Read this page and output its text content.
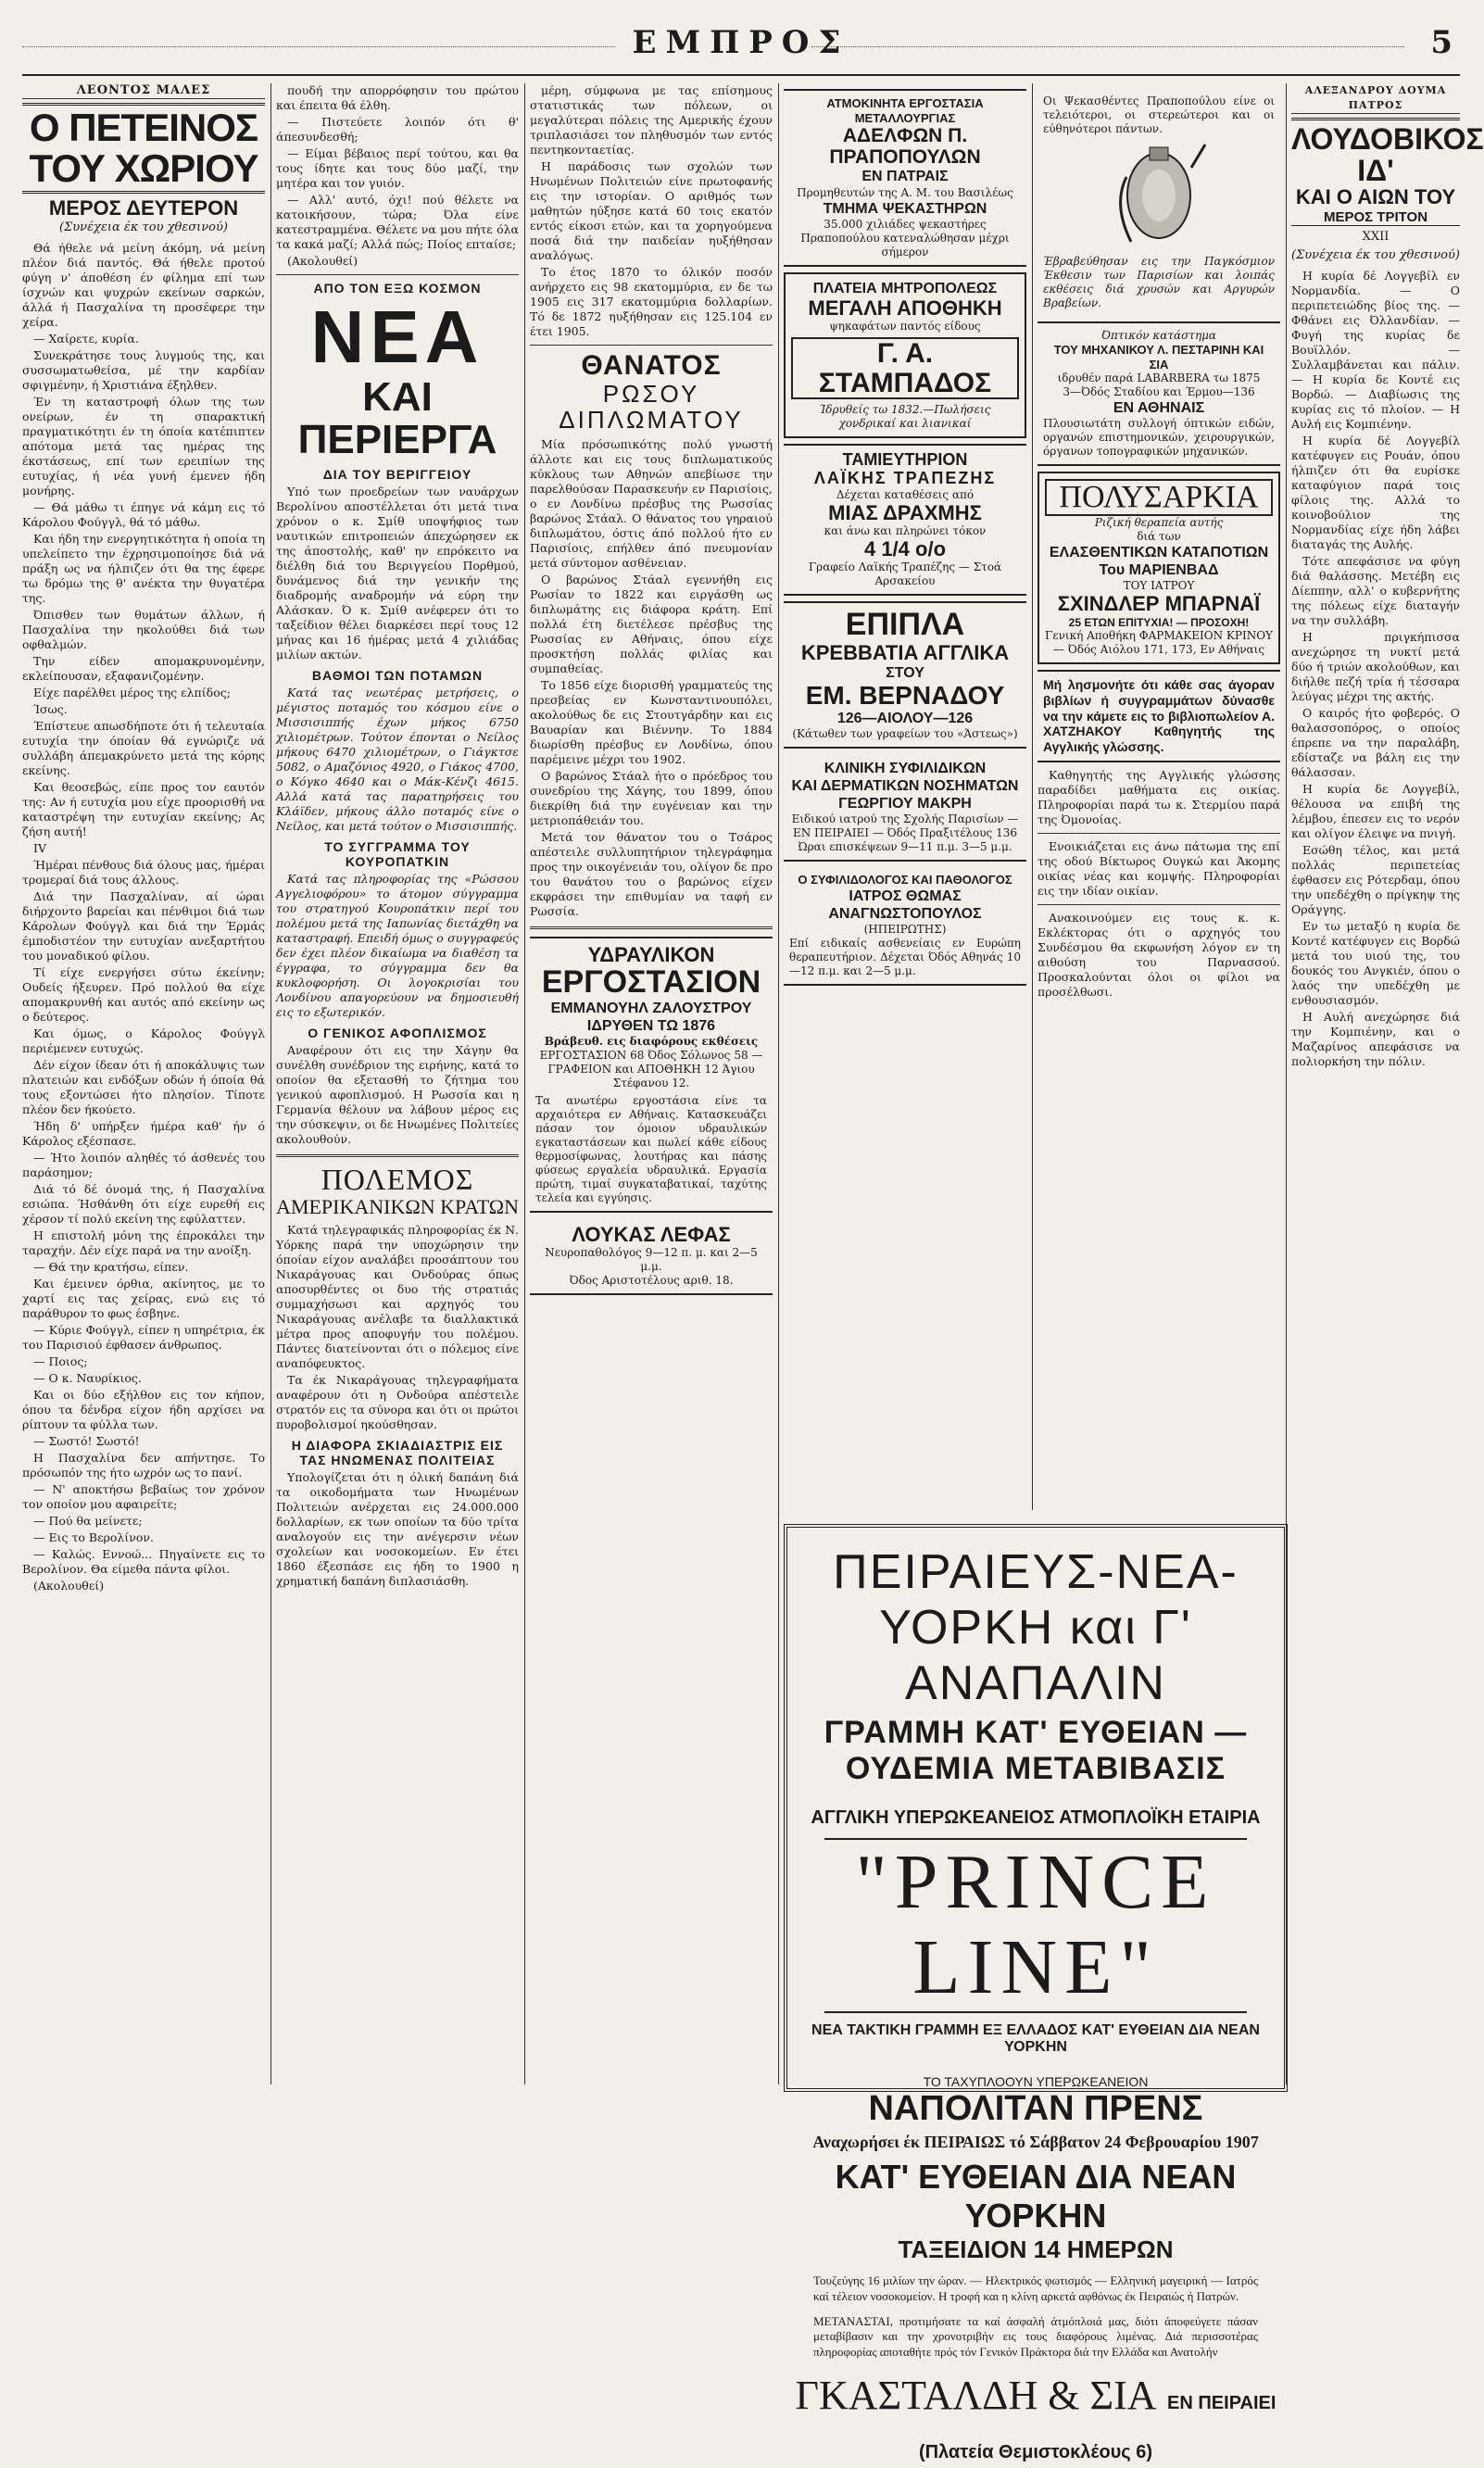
ΕΜΠΡΟΣ	5
ΛΕΟΝΤΟΣ ΜΑΛΕΣ
Ο ΠΕΤΕΙΝΟΣ ΤΟΥ ΧΩΡΙΟΥ
ΜΕΡΟΣ ΔΕΥΤΕΡΟΝ
(Συνέχεια έκ του χθεσινού)

Θά ήθελε νά μείνη άκόμη, νά μείνη πλέον διά παντός. Θά ήθελε προτού φύγη ν' άποθέση έν φίλημα επί των ίσχνών και ψυχρών εκείνων σαρκών, άλλά ή Πασχαλίνα τη προσέφερε την χείρα.

— Χαίρετε, κυρία.

Συνεκράτησε τους λυγμούς της, και συσσωματωθείσα, μέ την καρδίαν σφιγμένην, ή Χριστιάνα έξηλθεν.

Έν τη καταστροφή όλων της των ονείρων, έν τη σπαρακτική πραγματικότητι έν τη όποία κατέπιπτεν απότομα μετά τας ημέρας της έκστάσεως, επί των ερειπίων της ευτυχίας, ή νέα γυνή έμενεν ήδη μονήρης.

— Θά μάθω τι έπηγε νά κάμη εις τό Κάρολου Φούγγλ, θά τό μάθω.

Και ήδη την ενεργητικότητα ή οποία τη υπελείπετο την έχρησιμοποίησε διά νά πράξη ως να ήλπιζεν ότι θα της έφερε τω δρόμω της θ' ανέκτα την θυγατέρα της.

Όπισθεν των θυμάτων άλλων, ή Πασχαλίνα την ηκολούθει διά των οφθαλμών.

Την είδεν απομακρυνομένην, εκλείπουσαν, εξαφανιζομένην.

Είχε παρέλθει μέρος της ελπίδος;

Ίσως.

Έπίστευε απωσδήποτε ότι ή τελευταία ευτυχία την όποίαν θά εγνώριζε νά συλλάβη άπεμακρύνετο μετά της κόρης εκείνης.

Και θεοσεβώς, είπε προς τον εαυτόν της: Αν ή ευτυχία μου είχε προορισθή να καταστρέψη την ευτυχίαν εκείνης; Ας ζήση αυτή!

IV

Ήμέραι πένθους διά όλους μας, ήμέραι τρομεραί διά τους άλλους.

Διά την Πασχαλίναν, αί ώραι διήρχοντο βαρείαι και πένθιμοι διά των Κάρολων Φούγγλ και διά την Έρμάς έμποδιστέον την ευτυχίαν ανεξαρτήτου του μοναδικού φίλου.

Τί είχε ενεργήσει σύτω έκείνην; Ουδείς ήξευρεν. Πρό πολλού θα είχε απομακρυνθή και αυτός από εκείνην ως ο δεύτερος.

Και όμως, ο Κάρολος Φούγγλ περιέμενεν ευτυχώς.

Δέν είχον ίδεαν ότι ή αποκάλυψις των πλατειών και ενδόξων οδών ή όποία θά τους εξοντώσει ήτο πλησίον. Τίποτε πλέον δεν ήκούετο.

Ήδη δ' υπήρξεν ήμέρα καθ' ήν ό Κάρολος εξέσπασε.

— Ήτο λοιπόν αληθές τό άσθενές του παράσημον;

Διά τό δέ όνομά της, ή Πασχαλίνα εσιώπα. Ήσθάνθη ότι είχε ευρεθή εις χέρσον τί πολύ εκείνη της εφύλαττεν.

Η επιστολή μόνη της έπροκάλει την ταραχήν. Δέν είχε παρά να την ανοίξη.

— Θά την κρατήσω, είπεν.

Και έμεινεν όρθια, ακίνητος, με το χαρτί εις τας χείρας, ενώ εις τό παράθυρον το φως έσβηνε.

— Κύριε Φούγγλ, είπεν η υπηρέτρια, έκ του Παρισιού έφθασεν άνθρωπος.

— Ποιος;

— Ο κ. Ναυρίκιος.

Και οι δύο εξήλθον εις τον κήπον, όπου τα δένδρα είχον ήδη αρχίσει να ρίπτουν τα φύλλα των.

— Σωστό! Σωστό!

Η Πασχαλίνα δεν απήντησε. Το πρόσωπόν της ήτο ωχρόν ως το πανί.

— Ν' αποκτήσω βεβαίως τον χρόνον τον οποίον μου αφαιρείτε;

— Πού θα μείνετε;

— Εις το Βερολίνον.

— Καλώς. Εννοώ... Πηγαίνετε εις το Βερολίνον. Θα είμεθα πάντα φίλοι.

(Ακολουθεί)

πουδή την απορρόφησιν του πρώτου και έπειτα θά έλθη.

— Πιστεύετε λοιπόν ότι θ' άπεσυνδεσθή;

— Είμαι βέβαιος περί τούτου, και θα τους ίδητε και τους δύο μαζί, την μητέρα και τον γυιόν.

— Αλλ' αυτό, όχι! πού θέλετε να κατοικήσουν, τώρα; Όλα είνε κατεστραμμένα. Θέλετε να μου πήτε όλα τα κακά μαζί; Αλλά πώς; Ποίος επταίσε;

(Ακολουθεί)

ΑΠΟ ΤΟΝ ΕΞΩ ΚΟΣΜΟΝ
ΝΕΑ
ΚΑΙ ΠΕΡΙΕΡΓΑ
ΔΙΑ ΤΟΥ ΒΕΡΙΓΓΕΙΟΥ

Υπό των προεδρείων των ναυάρχων Βερολίνου αποστέλλεται ότι μετά τινα χρόνον ο κ. Σμίθ υποψήφιος των ναυτικών επιτροπειών άπεχώρησεν εκ της άποστολής, καθ' ην επρόκειτο να διέλθη διά του Βεριγγείου Πορθμού, δυνάμενος διά την γενικήν της διαδρομής αναδρομήν νά εύρη την Αλάσκαν. Ό κ. Σμίθ ανέφερεν ότι το ταξείδιον θέλει διαρκέσει περί τους 12 μήνας και 16 ήμέρας μετά 4 χιλιάδας μιλίων ακτών.

ΒΑΘΜΟΙ ΤΩΝ ΠΟΤΑΜΩΝ

Κατά τας νεωτέρας μετρήσεις, ο μέγιστος ποταμός του κόσμου είνε ο Μισσισιππής έχων μήκος 6750 χιλιομέτρων. Τούτον έπονται ο Νείλος μήκους 6470 χιλιομέτρων, ο Γιάγκτσε 5082, ο Αμαζόνιος 4920, ο Γιάκος 4700, ο Κόγκο 4640 και ο Μάκ-Κένζι 4615. Αλλά κατά τας παρατηρήσεις του Κλάϊδεν, μήκους άλλο ποταμός είνε ο Νείλος, και μετά τούτον ο Μισσισιππής.

ΤΟ ΣΥΓΓΡΑΜΜΑ ΤΟΥ ΚΟΥΡΟΠΑΤΚΙΝ

Κατά τας πληροφορίας της «Ρώσσου Αγγελιοφόρου» το άτομον σύγγραμμα του στρατηγού Κουροπάτκιν περί του πολέμου μετά της Ιαπωνίας διετάχθη να καταστραφή. Επειδή όμως ο συγγραφεύς δεν έχει πλέον δικαίωμα να διαθέση τα έγγραφα, το σύγγραμμα δεν θα κυκλοφορήση. Οι λογοκρισίαι του Λονδίνου απαγορεύουν να δημοσιευθή εις το εξωτερικόν.

Ο ΓΕΝΙΚΟΣ ΑΦΟΠΛΙΣΜΟΣ

Αναφέρουν ότι εις την Χάγην θα συνέλθη συνέδριον της ειρήνης, κατά το οποίον θα εξετασθή το ζήτημα του γενικού αφοπλισμού. Η Ρωσσία και η Γερμανία θέλουν να λάβουν μέρος εις την σύσκεψιν, οι δε Ηνωμένες Πολιτείες ακολουθούν.

ΠΟΛΕΜΟΣ
ΑΜΕΡΙΚΑΝΙΚΩΝ ΚΡΑΤΩΝ

Κατά τηλεγραφικάς πληροφορίας έκ Ν. Υόρκης παρά την υποχώρησιν την όποίαν είχον αναλάβει προσάπτουν του Νικαράγουας και Ονδούρας όπως αποσυρθέντες οι δυο τής στρατιάς συμμαχήσωσι και αρχηγός του Νικαράγουας ανέλαβε τα διαλλακτικά μέτρα προς αποφυγήν του πολέμου. Πάντες διατείνονται ότι ο πόλεμος είνε αναπόφευκτος.

Τα έκ Νικαράγουας τηλεγραφήματα αναφέρουν ότι η Ονδούρα απέστειλε στρατόν εις τα σύνορα και ότι οι πρώτοι πυροβολισμοί ηκούσθησαν.

Η ΔΙΑΦΟΡΑ ΣΚΙΑΔΙΑΣΤΡΙΣ ΕΙΣ ΤΑΣ ΗΝΩΜΕΝΑΣ ΠΟΛΙΤΕΙΑΣ

Υπολογίζεται ότι η όλική δαπάνη διά τα οικοδομήματα των Ηνωμένων Πολιτειών ανέρχεται εις 24.000.000 δολλαρίων, εκ των οποίων τα δύο τρίτα αναλογούν εις την ανέγερσιν νέων σχολείων και νοσοκομείων. Εν έτει 1860 έξεσπάσε εις ήδη το 1900 η χρηματική δαπάνη διπλασιάσθη.

μέρη, σύμφωνα με τας επίσημους στατιστικάς των πόλεων, οι μεγαλύτεραι πόλεις της Αμερικής έχουν τριπλασιάσει τον πληθυσμόν των εντός πεντηκονταετίας.

Η παράδοσις των σχολών των Ηνωμένων Πολιτειών είνε πρωτοφανής εις την ιστορίαν. Ο αριθμός των μαθητών ηύξησε κατά 60 τοις εκατόν εντός είκοσι ετών, και τα χορηγούμενα ποσά διά την παιδείαν ηυξήθησαν αναλόγως.

Το έτος 1870 το όλικόν ποσόν ανήρχετο εις 98 εκατομμύρια, εν δε τω 1905 εις 317 εκατομμύρια δολλαρίων. Τό δε 1872 ηυξήθησαν εις 125.104 εν έτει 1905.

ΘΑΝΑΤΟΣ
ΡΩΣΟΥ ΔΙΠΛΩΜΑΤΟΥ

Μία πρόσωπικότης πολύ γνωστή άλλοτε και εις τους διπλωματικούς κύκλους των Αθηνών απεβίωσε την παρελθούσαν Παρασκευήν εν Παρισίοις, ο εν Λονδίνω πρέσβυς της Ρωσσίας βαρώνος Στάαλ. Ο θάνατος του γηραιού διπλωμάτου, όστις άπό πολλού ήτο εν Παρισίοις, επήλθεν άπό πνευμονίαν μετά σύντομον ασθένειαν.

Ο βαρώνος Στάαλ εγεννήθη εις Ρωσίαν το 1822 και ειργάσθη ως διπλωμάτης εις διάφορα κράτη. Επί πολλά έτη διετέλεσε πρέσβυς της Ρωσσίας εν Αθήναις, όπου είχε προσκτήση πολλάς φιλίας και συμπαθείας.

Το 1856 είχε διορισθή γραμματεύς της πρεσβείας εν Κωνσταντινουπόλει, ακολούθως δε εις Στουτγάρδην και εις Βαυαρίαν και Βιέννην. Το 1884 διωρίσθη πρέσβυς εν Λονδίνω, όπου παρέμεινε μέχρι του 1902.

Ο βαρώνος Στάαλ ήτο ο πρόεδρος του συνεδρίου της Χάγης, του 1899, όπου διεκρίθη διά την ευγένειαν και την μετριοπάθειάν του.

Μετά τον θάνατον του ο Τσάρος απέστειλε συλλυπητήριον τηλεγράφημα προς την οικογένειάν του, ολίγον δε προ του θανάτου του ο βαρώνος είχεν εκφράσει την επιθυμίαν να ταφή εν Ρωσσία.

ΥΔΡΑΥΛΙΚΟΝ
ΕΡΓΟΣΤΑΣΙΟΝ
ΕΜΜΑΝΟΥΗΛ ΖΑΛΟΥΣΤΡΟΥ
ΙΔΡΥΘΕΝ ΤΩ 1876
Βράβευθ. εις διαφόρους εκθέσεις
ΕΡΓΟΣΤΑΣΙΟΝ 68 Όδος Σόλωνος 58 — ΓΡΑΦΕΙΟΝ και ΑΠΟΘΗΚΗ 12 Άγιου Στέφανου 12.
Τα ανωτέρω εργοστάσια είνε τα αρχαιότερα εν Αθήναις. Κατασκευάζει πάσαν τον όμοιον υδραυλικών εγκαταστάσεων και πωλεί κάθε είδους θερμοσίφωνας, λουτήρας και πάσης φύσεως εργαλεία υδραυλικά. Εργασία πρώτη, τιμαί συγκαταβατικαί, ταχύτης τελεία και εγγύησις.
ΛΟΥΚΑΣ ΛΕΦΑΣ
Νευροπαθολόγος 9—12 π. μ. και 2—5 μ.μ.
Όδος Αριστοτέλους αριθ. 18.
ΑΤΜΟΚΙΝΗΤΑ ΕΡΓΟΣΤΑΣΙΑ ΜΕΤΑΛΛΟΥΡΓΙΑΣ
ΑΔΕΛΦΩΝ Π. ΠΡΑΠΟΠΟΥΛΩΝ
ΕΝ ΠΑΤΡΑΙΣ
Προμηθευτών της Α. Μ. του Βασιλέως
ΤΜΗΜΑ ΨΕΚΑΣΤΗΡΩΝ
35.000 χιλιάδες ψεκαστήρες Πραποπούλου κατεναλώθησαν μέχρι σήμερον
ΠΛΑΤΕΙΑ ΜΗΤΡΟΠΟΛΕΩΣ
ΜΕΓΑΛΗ ΑΠΟΘΗΚΗ
ψηκαφάτων παντός είδους
Γ. Α. ΣΤΑΜΠΑΔΟΣ
Ίδρυθείς τω 1832.—Πωλήσεις χονδρικαί και λιανικαί
ΤΑΜΙΕΥΤΗΡΙΟΝ
ΛΑΪΚΗΣ ΤΡΑΠΕΖΗΣ
Δέχεται καταθέσεις από
ΜΙΑΣ ΔΡΑΧΜΗΣ
και άνω και πληρώνει τόκον
4 1/4 ο/ο
Γραφείο Λαϊκής Τραπέζης — Στοά Αρσακείου
ΕΠΙΠΛΑ
ΚΡΕΒΒΑΤΙΑ ΑΓΓΛΙΚΑ
ΣΤΟΥ
ΕΜ. ΒΕΡΝΑΔΟΥ
126—ΑΙΟΛΟΥ—126
(Κάτωθεν των γραφείων του «Άστεως»)
ΚΛΙΝΙΚΗ ΣΥΦΙΛΙΔΙΚΩΝ
ΚΑΙ ΔΕΡΜΑΤΙΚΩΝ ΝΟΣΗΜΑΤΩΝ
ΓΕΩΡΓΙΟΥ ΜΑΚΡΗ
Ειδικού ιατρού της Σχολής Παρισίων — ΕΝ ΠΕΙΡΑΙΕΙ — Όδός Πραξιτέλους 136
Ώραι επισκέψεων 9—11 π.μ. 3—5 μ.μ.
Ο ΣΥΦΙΛΙΔΟΛΟΓΟΣ ΚΑΙ ΠΑΘΟΛΟΓΟΣ
ΙΑΤΡΟΣ ΘΩΜΑΣ ΑΝΑΓΝΩΣΤΟΠΟΥΛΟΣ
(ΗΠΕΙΡΩΤΗΣ)
Επί ειδικαίς ασθενείαις εν Ευρώπη θεραπευτήριον. Δέχεται Όδός Αθηνάς 10—12 π.μ. και 2—5 μ.μ.
Οι Ψεκασθέντες Πραποπούλου είνε οι τελειότεροι, οι στερεώτεροι και οι εύθηνότεροι πάντων.
Έβραβεύθησαν εις την Παγκόσμιον Έκθεσιν των Παρισίων και λοιπάς εκθέσεις διά χρυσών και Αργυρών Βραβείων.
Όπτικόν κατάστημα
ΤΟΥ ΜΗΧΑΝΙΚΟΥ Λ. ΠΕΣΤΑΡΙΝΗ ΚΑΙ ΣΙΑ
ιδρυθέν παρά LABARBERA τω 1875
3—Όδός Σταδίου και Έρμου—136
ΕΝ ΑΘΗΝΑΙΣ
Πλουσιωτάτη συλλογή όπτικών ειδών, οργανών επιστημονικών, χειρουργικών, όργανων τοπογραφικών μηχανικών.
ΠΟΛΥΣΑΡΚΙΑ
Ριζική θεραπεία αυτής
διά των
ΕΛΑΣΘΕΝΤΙΚΩΝ ΚΑΤΑΠΟΤΙΩΝ
Του ΜΑΡΙΕΝΒΑΔ
ΤΟΥ ΙΑΤΡΟΥ
ΣΧΙΝΔΛΕΡ ΜΠΑΡΝΑΪ
25 ΕΤΩΝ ΕΠΙΤΥΧΙΑ! — ΠΡΟΣΟΧΗ!
Γενική Αποθήκη ΦΑΡΜΑΚΕΙΟΝ ΚΡΙΝΟΥ — Όδός Αιόλου 171, 173, Εν Αθήναις
Μή λησμονήτε ότι κάθε σας άγοραν βιβλίων ή συγγραμμάτων δύνασθε να την κάμετε εις το βιβλιοπωλείον Α. ΧΑΤΖΗΑΚΟΥ Καθηγητής της Αγγλικής γλώσσης.

Καθηγητής της Αγγλικής γλώσσης παραδίδει μαθήματα εις οικίας. Πληροφορίαι παρά τω κ. Στερμίου παρά της Όμονοίας.

Ενοικιάζεται εις άνω πάτωμα της επί της οδού Βίκτωρος Ουγκώ και Άκομης οικίας νέας και κομψής. Πληροφορίαι εις την ιδίαν οικίαν.

Ανακοινούμεν εις τους κ. κ. Εκλέκτορας ότι ο αρχηγός του Συνδέσμου θα εκφωνήση λόγον εν τη αιθούση του Παρνασσού. Προσκαλούνται όλοι οι φίλοι να προσέλθωσι.

ΠΕΙΡΑΙΕΥΣ-ΝΕΑ-ΥΟΡΚΗ και Γ' ΑΝΑΠΑΛΙΝ
ΓΡΑΜΜΗ ΚΑΤ' ΕΥΘΕΙΑΝ — ΟΥΔΕΜΙΑ ΜΕΤΑΒΙΒΑΣΙΣ
ΑΓΓΛΙΚΗ ΥΠΕΡΩΚΕΑΝΕΙΟΣ ΑΤΜΟΠΛΟΪΚΗ ΕΤΑΙΡΙΑ
"PRINCE LINE"
ΝΕΑ ΤΑΚΤΙΚΗ ΓΡΑΜΜΗ ΕΞ ΕΛΛΑΔΟΣ ΚΑΤ' ΕΥΘΕΙΑΝ ΔΙΑ ΝΕΑΝ ΥΟΡΚΗΝ
ΤΟ ΤΑΧΥΠΛΟΟΥΝ ΥΠΕΡΩΚΕΑΝΕΙΟΝ
ΝΑΠΟΛΙΤΑΝ ΠΡΕΝΣ
Αναχωρήσει έκ ΠΕΙΡΑΙΩΣ τό Σάββατον 24 Φεβρουαρίου 1907
ΚΑΤ' ΕΥΘΕΙΑΝ ΔΙΑ ΝΕΑΝ ΥΟΡΚΗΝ
ΤΑΞΕΙΔΙΟΝ 14 ΗΜΕΡΩΝ
Τουζεύγης 16 μιλίων την ώραν. — Ηλεκτρικός φωτισμός — Ελληνική μαγειρική — Ιατρός καί τέλειον νοσοκομείον. Η τροφή και η κλίνη αρκετά αφθόνως έκ Πειραιώς ή Πατρών.
ΜΕΤΑΝΑΣΤΑΙ, προτιμήσατε τα καί άσφαλή άτμόπλοιά μας, διότι άποφεύγετε πάσαν μεταβίβασιν και την χρονοτριβήν εις τους διαφόρους λιμένας. Διά περισσοτέρας πληροφορίας αποταθήτε πρός τόν Γενικόν Πράκτορα διά την Ελλάδα και Ανατολήν
ΓΚΑΣΤΑΛΔΗ & ΣΙΑ ΕΝ ΠΕΙΡΑΙΕΙ (Πλατεία Θεμιστοκλέους 6)
ΑΛΕΞΑΝΔΡΟΥ ΔΟΥΜΑ ΠΑΤΡΟΣ
ΛΟΥΔΟΒΙΚΟΣ ΙΔ'
ΚΑΙ Ο ΑΙΩΝ ΤΟΥ
ΜΕΡΟΣ ΤΡΙΤΟΝ
XXII
(Συνέχεια έκ του χθεσινού)

Η κυρία δέ Λογγεβίλ εν Νορμανδία. — Ο περιπετειώδης βίος της. — Φθάνει εις Όλλανδίαν. — Φυγή της κυρίας δε Βουϊλλόν. — Συλλαμβάνεται και πάλιν. — Η κυρία δε Κοντέ εις Βορδώ. — Διαβίωσις της κυρίας εις τό πλοίον. — Η Αυλή εις Κομπιένην.

Η κυρία δέ Λογγεβίλ κατέφυγεν εις Ρουάν, όπου ήλπιζεν ότι θα ευρίσκε καταφύγιον παρά τοις φίλοις της. Αλλά το κοινοβούλιον της Νορμανδίας είχε ήδη λάβει διαταγάς της Αυλής.

Τότε απεφάσισε να φύγη διά θαλάσσης. Μετέβη εις Δίεππην, αλλ' ο κυβερνήτης της πόλεως είχε διαταγήν να την συλλάβη.

Η πριγκήπισσα ανεχώρησε τη νυκτί μετά δύο ή τριών ακολούθων, και διήλθε πεζή τρία ή τέσσαρα λεύγας μέχρι της ακτής.

Ο καιρός ήτο φοβερός. Ο θαλασσοπόρος, ο οποίος έπρεπε να την παραλάβη, εδίσταζε να βάλη εις την θάλασσαν.

Η κυρία δε Λογγεβίλ, θέλουσα να επιβή της λέμβου, έπεσεν εις το νερόν και ολίγον έλειψε να πνιγή.

Εσώθη τέλος, και μετά πολλάς περιπετείας έφθασεν εις Ρότερδαμ, όπου την υπεδέχθη ο πρίγκηψ της Οράγγης.

Εν τω μεταξύ η κυρία δε Κοντέ κατέφυγεν εις Βορδώ μετά του υιού της, του δουκός του Ανγκιέν, όπου ο λαός την υπεδέχθη με ενθουσιασμόν.

Η Αυλή ανεχώρησε διά την Κομπιένην, και ο Μαζαρίνος απεφάσισε να πολιορκήση την πόλιν.
